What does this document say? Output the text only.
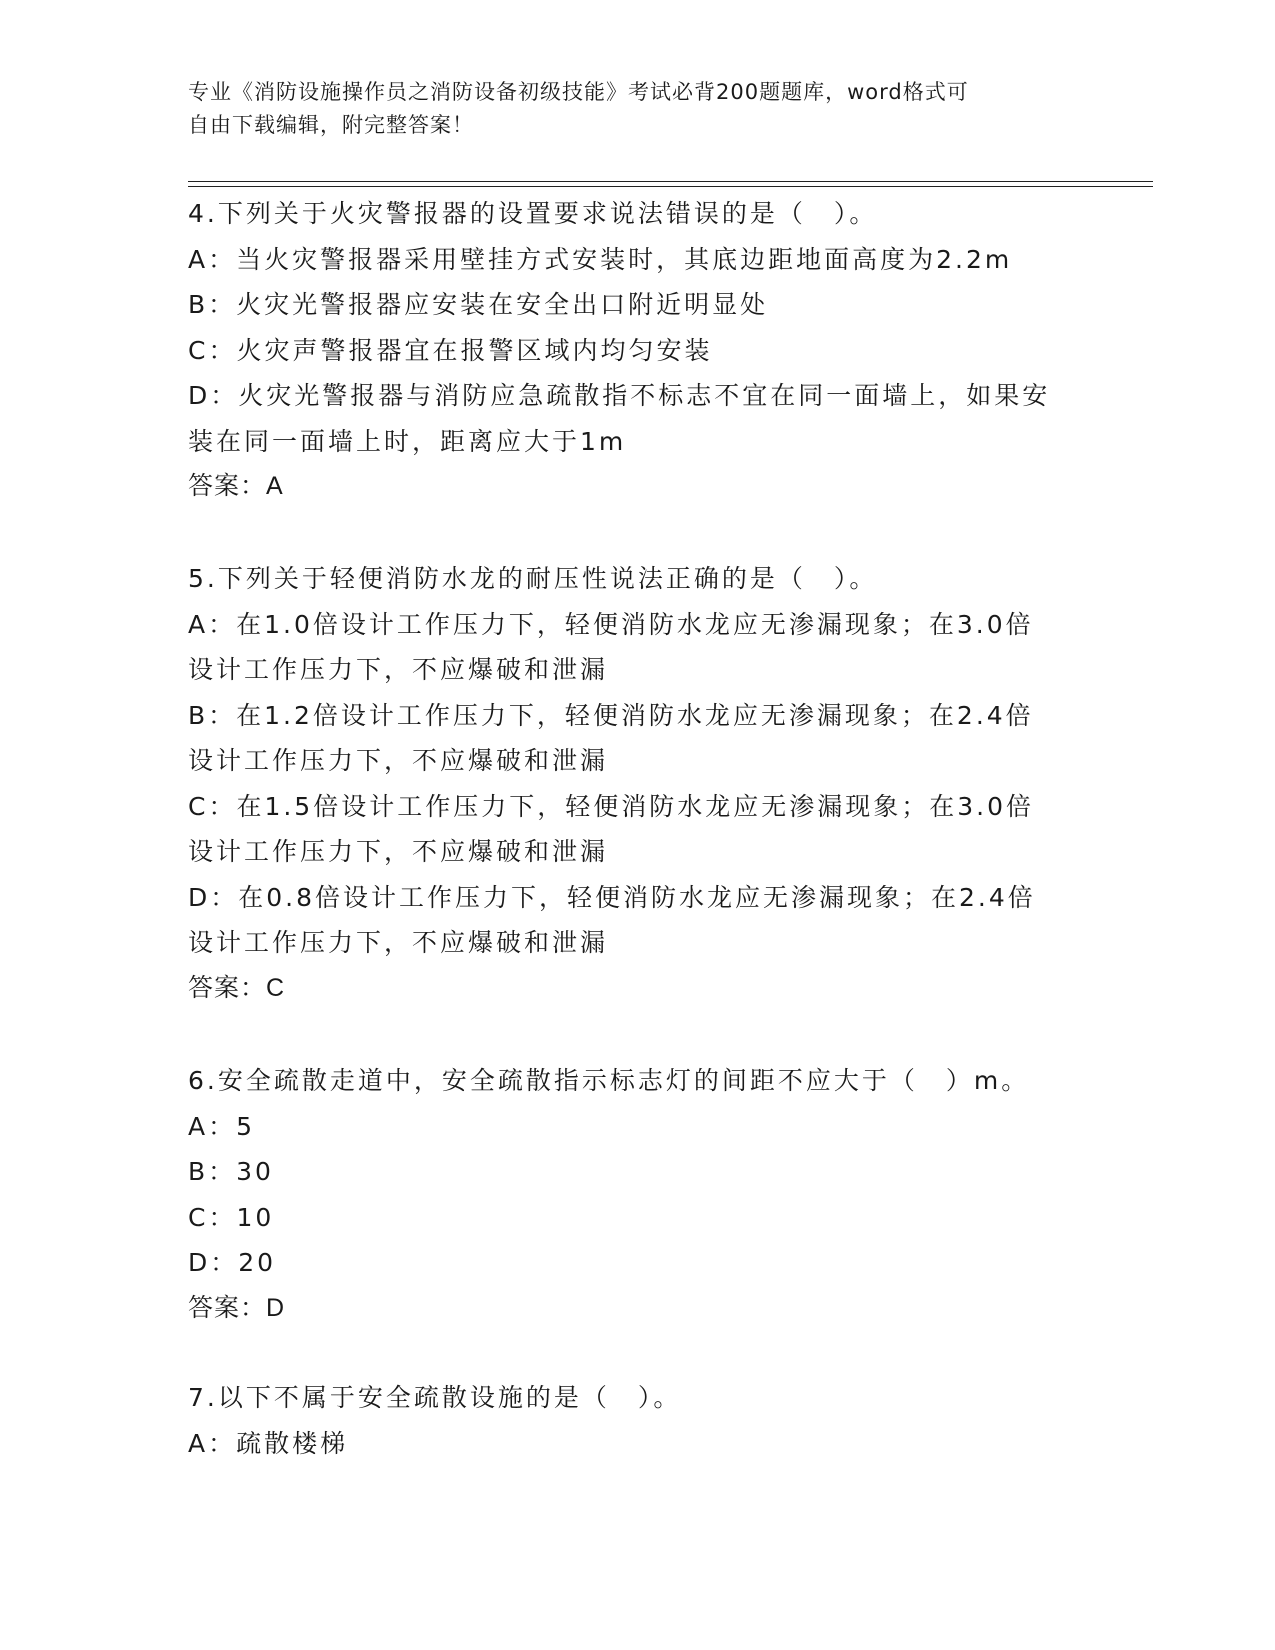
专业《消防设施操作员之消防设备初级技能》考试必背200题题库，word格式可
自由下载编辑，附完整答案！
4.下列关于火灾警报器的设置要求说法错误的是（　）。
A：当火灾警报器采用壁挂方式安装时，其底边距地面高度为2.2m
B：火灾光警报器应安装在安全出口附近明显处
C：火灾声警报器宜在报警区域内均匀安装
D：火灾光警报器与消防应急疏散指不标志不宜在同一面墙上，如果安
装在同一面墙上时，距离应大于1m
答案：A
5.下列关于轻便消防水龙的耐压性说法正确的是（　）。
A：在1.0倍设计工作压力下，轻便消防水龙应无渗漏现象；在3.0倍
设计工作压力下，不应爆破和泄漏
B：在1.2倍设计工作压力下，轻便消防水龙应无渗漏现象；在2.4倍
设计工作压力下，不应爆破和泄漏
C：在1.5倍设计工作压力下，轻便消防水龙应无渗漏现象；在3.0倍
设计工作压力下，不应爆破和泄漏
D：在0.8倍设计工作压力下，轻便消防水龙应无渗漏现象；在2.4倍
设计工作压力下，不应爆破和泄漏
答案：C
6.安全疏散走道中，安全疏散指示标志灯的间距不应大于（　）m。
A：5
B：30
C：10
D：20
答案：D
7.以下不属于安全疏散设施的是（　）。
A：疏散楼梯
